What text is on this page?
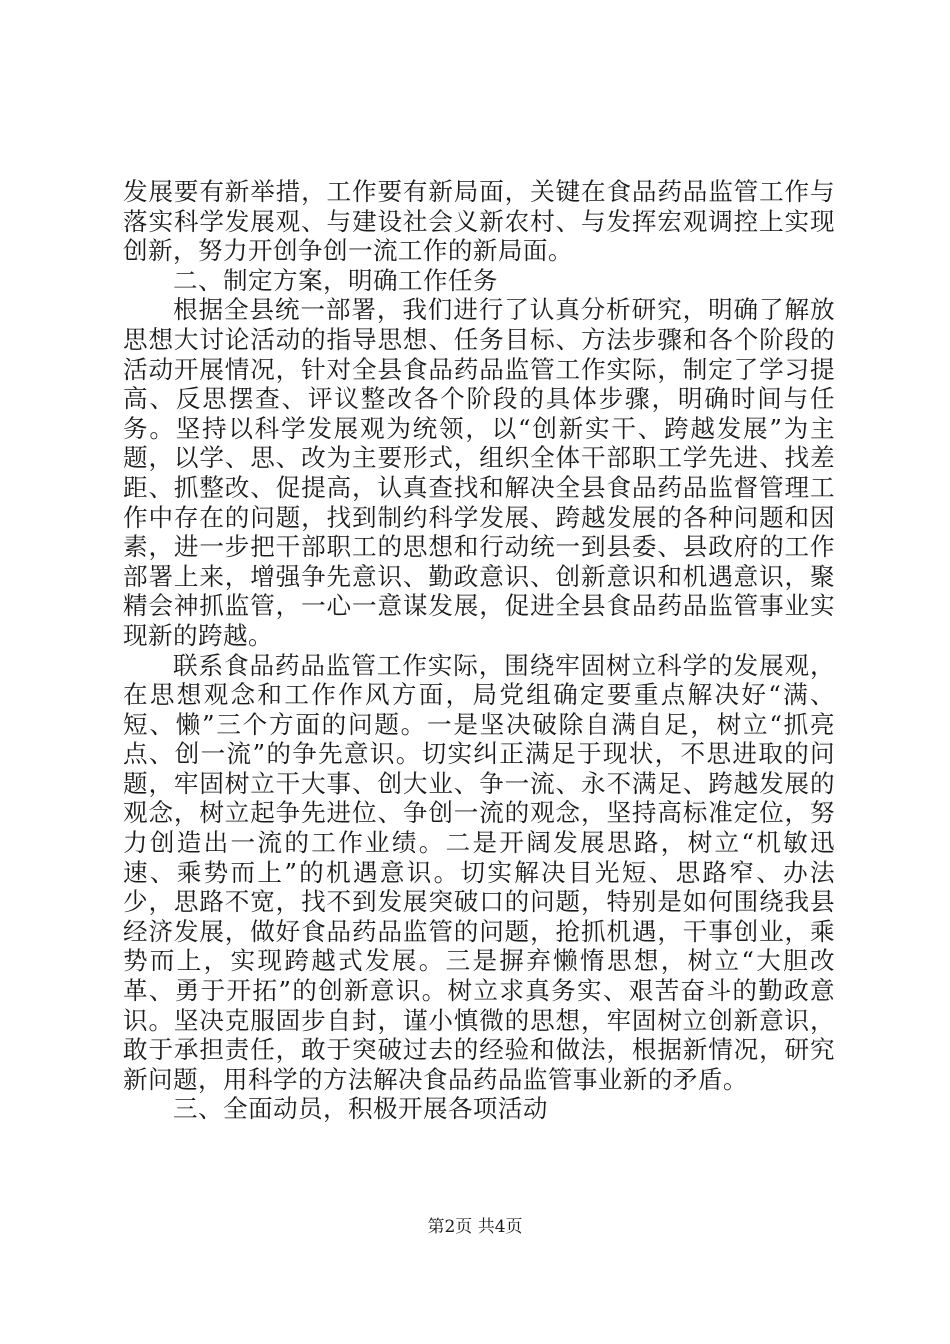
发展要有新举措，工作要有新局面，关键在食品药品监管工作与落实科学发展观、与建设社会义新农村、与发挥宏观调控上实现创新，努力开创争创一流工作的新局面。

二、制定方案，明确工作任务

根据全县统一部署，我们进行了认真分析研究，明确了解放思想大讨论活动的指导思想、任务目标、方法步骤和各个阶段的活动开展情况，针对全县食品药品监管工作实际，制定了学习提高、反思摆查、评议整改各个阶段的具体步骤，明确时间与任务。坚持以科学发展观为统领，以“创新实干、跨越发展”为主题，以学、思、改为主要形式，组织全体干部职工学先进、找差距、抓整改、促提高，认真查找和解决全县食品药品监督管理工作中存在的问题，找到制约科学发展、跨越发展的各种问题和因素，进一步把干部职工的思想和行动统一到县委、县政府的工作部署上来，增强争先意识、勤政意识、创新意识和机遇意识，聚精会神抓监管，一心一意谋发展，促进全县食品药品监管事业实现新的跨越。

联系食品药品监管工作实际，围绕牢固树立科学的发展观，在思想观念和工作作风方面，局党组确定要重点解决好“满、短、懒”三个方面的问题。一是坚决破除自满自足，树立“抓亮点、创一流”的争先意识。切实纠正满足于现状，不思进取的问题，牢固树立干大事、创大业、争一流、永不满足、跨越发展的观念，树立起争先进位、争创一流的观念，坚持高标准定位，努力创造出一流的工作业绩。二是开阔发展思路，树立“机敏迅速、乘势而上”的机遇意识。切实解决目光短、思路窄、办法少，思路不宽，找不到发展突破口的问题，特别是如何围绕我县经济发展，做好食品药品监管的问题，抢抓机遇，干事创业，乘势而上，实现跨越式发展。三是摒弃懒惰思想，树立“大胆改革、勇于开拓”的创新意识。树立求真务实、艰苦奋斗的勤政意识。坚决克服固步自封，谨小慎微的思想，牢固树立创新意识，敢于承担责任，敢于突破过去的经验和做法，根据新情况，研究新问题，用科学的方法解决食品药品监管事业新的矛盾。

三、全面动员，积极开展各项活动

第2页 共4页
